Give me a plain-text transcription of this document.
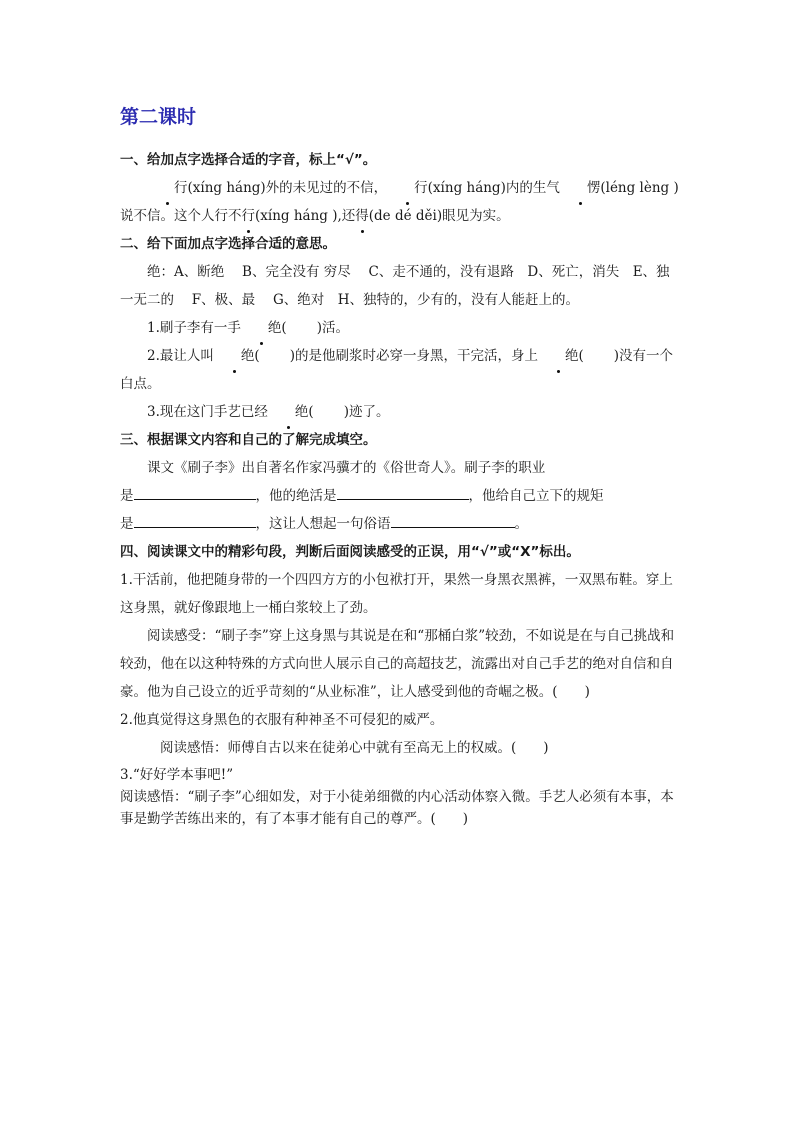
第二课时

一、给加点字选择合适的字音，标上“√”。

行(xíng háng)外的未见过的不信， 行(xíng háng)内的生气 愣(léng lèng )

说不信。这个人行不行(xíng háng ),还得(de dé děi)眼见为实。

二、给下面加点字选择合适的意思。

绝：A、断绝　 B、完全没有 穷尽　 C、走不通的，没有退路　D、死亡，消失　E、独一无二的　 F、极、最　 G、绝对　H、独特的，少有的，没有人能赶上的。

1.刷子李有一手 绝(       )活。

2.最让人叫 绝(       )的是他刷浆时必穿一身黑，干完活，身上 绝(       )没有一个白点。

3.现在这门手艺已经 绝(       )迹了。

三、根据课文内容和自己的了解完成填空。

课文《刷子李》出自著名作家冯骥才的《俗世奇人》。刷子李的职业

是	，他的绝活是	，他给自己立下的规矩

是	，这让人想起一句俗语	。

四、阅读课文中的精彩句段，判断后面阅读感受的正误，用“√”或“X”标出。

1.干活前，他把随身带的一个四四方方的小包袱打开，果然一身黑衣黑裤，一双黑布鞋。穿上这身黑，就好像跟地上一桶白浆较上了劲。

阅读感受：“刷子李”穿上这身黑与其说是在和“那桶白浆”较劲，不如说是在与自己挑战和较劲，他在以这种特殊的方式向世人展示自己的高超技艺，流露出对自己手艺的绝对自信和自豪。他为自己设立的近乎苛刻的“从业标准”，让人感受到他的奇崛之极。(　　)

2.他真觉得这身黑色的衣服有种神圣不可侵犯的威严。

阅读感悟：师傅自古以来在徒弟心中就有至高无上的权威。(　　)

3.“好好学本事吧!”

阅读感悟：“刷子李”心细如发，对于小徒弟细微的内心活动体察入微。手艺人必须有本事，本事是勤学苦练出来的，有了本事才能有自己的尊严。(　　)
